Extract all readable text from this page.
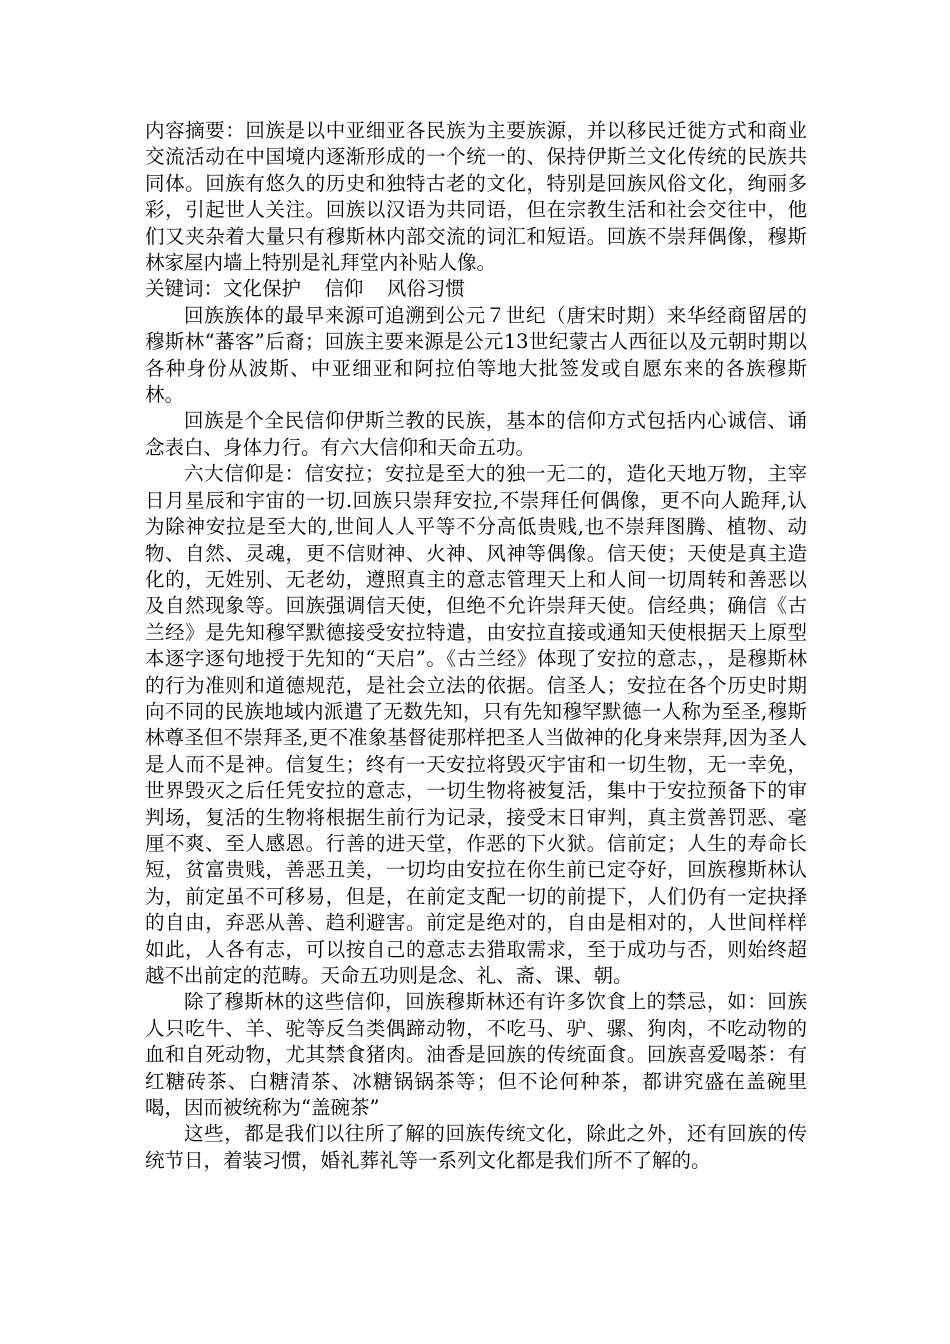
内容摘要：回族是以中亚细亚各民族为主要族源，并以移民迁徙方式和商业交流活动在中国境内逐渐形成的一个统一的、保持伊斯兰文化传统的民族共同体。回族有悠久的历史和独特古老的文化，特别是回族风俗文化，绚丽多彩，引起世人关注。回族以汉语为共同语，但在宗教生活和社会交往中，他们又夹杂着大量只有穆斯林内部交流的词汇和短语。回族不崇拜偶像，穆斯林家屋内墙上特别是礼拜堂内补贴人像。

关键词：文化保护 信仰 风俗习惯

回族族体的最早来源可追溯到公元７世纪（唐宋时期）来华经商留居的穆斯林“蕃客”后裔；回族主要来源是公元13世纪蒙古人西征以及元朝时期以各种身份从波斯、中亚细亚和阿拉伯等地大批签发或自愿东来的各族穆斯林。

回族是个全民信仰伊斯兰教的民族，基本的信仰方式包括内心诚信、诵念表白、身体力行。有六大信仰和天命五功。

六大信仰是：信安拉；安拉是至大的独一无二的，造化天地万物，主宰日月星辰和宇宙的一切.回族只崇拜安拉,不崇拜任何偶像，更不向人跪拜,认为除神安拉是至大的,世间人人平等不分高低贵贱,也不崇拜图腾、植物、动物、自然、灵魂，更不信财神、火神、风神等偶像。信天使；天使是真主造化的，无姓别、无老幼，遵照真主的意志管理天上和人间一切周转和善恶以及自然现象等。回族强调信天使，但绝不允许崇拜天使。信经典；确信《古兰经》是先知穆罕默德接受安拉特遣，由安拉直接或通知天使根据天上原型本逐字逐句地授于先知的“天启”。《古兰经》体现了安拉的意志，，是穆斯林的行为准则和道德规范，是社会立法的依据。信圣人；安拉在各个历史时期向不同的民族地域内派遣了无数先知，只有先知穆罕默德一人称为至圣,穆斯林尊圣但不崇拜圣,更不准象基督徒那样把圣人当做神的化身来崇拜,因为圣人是人而不是神。信复生；终有一天安拉将毁灭宇宙和一切生物，无一幸免，世界毁灭之后任凭安拉的意志，一切生物将被复活，集中于安拉预备下的审判场，复活的生物将根据生前行为记录，接受末日审判，真主赏善罚恶、毫厘不爽、至人感恩。行善的进天堂，作恶的下火狱。信前定；人生的寿命长短，贫富贵贱，善恶丑美，一切均由安拉在你生前已定夺好，回族穆斯林认为，前定虽不可移易，但是，在前定支配一切的前提下，人们仍有一定抉择的自由，弃恶从善、趋利避害。前定是绝对的，自由是相对的，人世间样样如此，人各有志，可以按自己的意志去猎取需求，至于成功与否，则始终超越不出前定的范畴。天命五功则是念、礼、斋、课、朝。

除了穆斯林的这些信仰，回族穆斯林还有许多饮食上的禁忌，如：回族人只吃牛、羊、驼等反刍类偶蹄动物，不吃马、驴、骡、狗肉，不吃动物的血和自死动物，尤其禁食猪肉。油香是回族的传统面食。回族喜爱喝茶：有红糖砖茶、白糖清茶、冰糖锅锅茶等；但不论何种茶，都讲究盛在盖碗里喝，因而被统称为“盖碗茶”

这些，都是我们以往所了解的回族传统文化，除此之外，还有回族的传统节日，着装习惯，婚礼葬礼等一系列文化都是我们所不了解的。
